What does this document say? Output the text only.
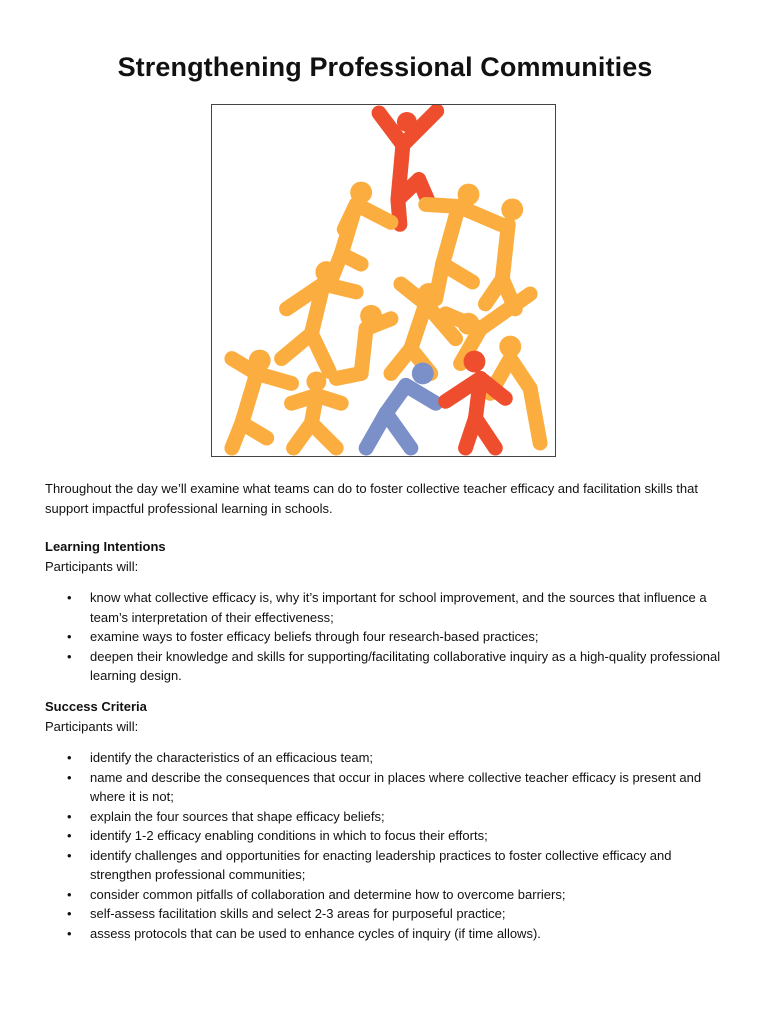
Strengthening Professional Communities
Throughout the day we’ll examine what teams can do to foster collective teacher efficacy and facilitation skills that support impactful professional learning in schools.

Learning Intentions

Participants will:

• know what collective efficacy is, why it’s important for school improvement, and the sources that influence a team’s interpretation of their effectiveness;
• examine ways to foster efficacy beliefs through four research-based practices;
• deepen their knowledge and skills for supporting/facilitating collaborative inquiry as a high-quality professional learning design.

Success Criteria

Participants will:

• identify the characteristics of an efficacious team;
• name and describe the consequences that occur in places where collective teacher efficacy is present and where it is not;
• explain the four sources that shape efficacy beliefs;
• identify 1-2 efficacy enabling conditions in which to focus their efforts;
• identify challenges and opportunities for enacting leadership practices to foster collective efficacy and strengthen professional communities;
• consider common pitfalls of collaboration and determine how to overcome barriers;
• self-assess facilitation skills and select 2-3 areas for purposeful practice;
• assess protocols that can be used to enhance cycles of inquiry (if time allows).
